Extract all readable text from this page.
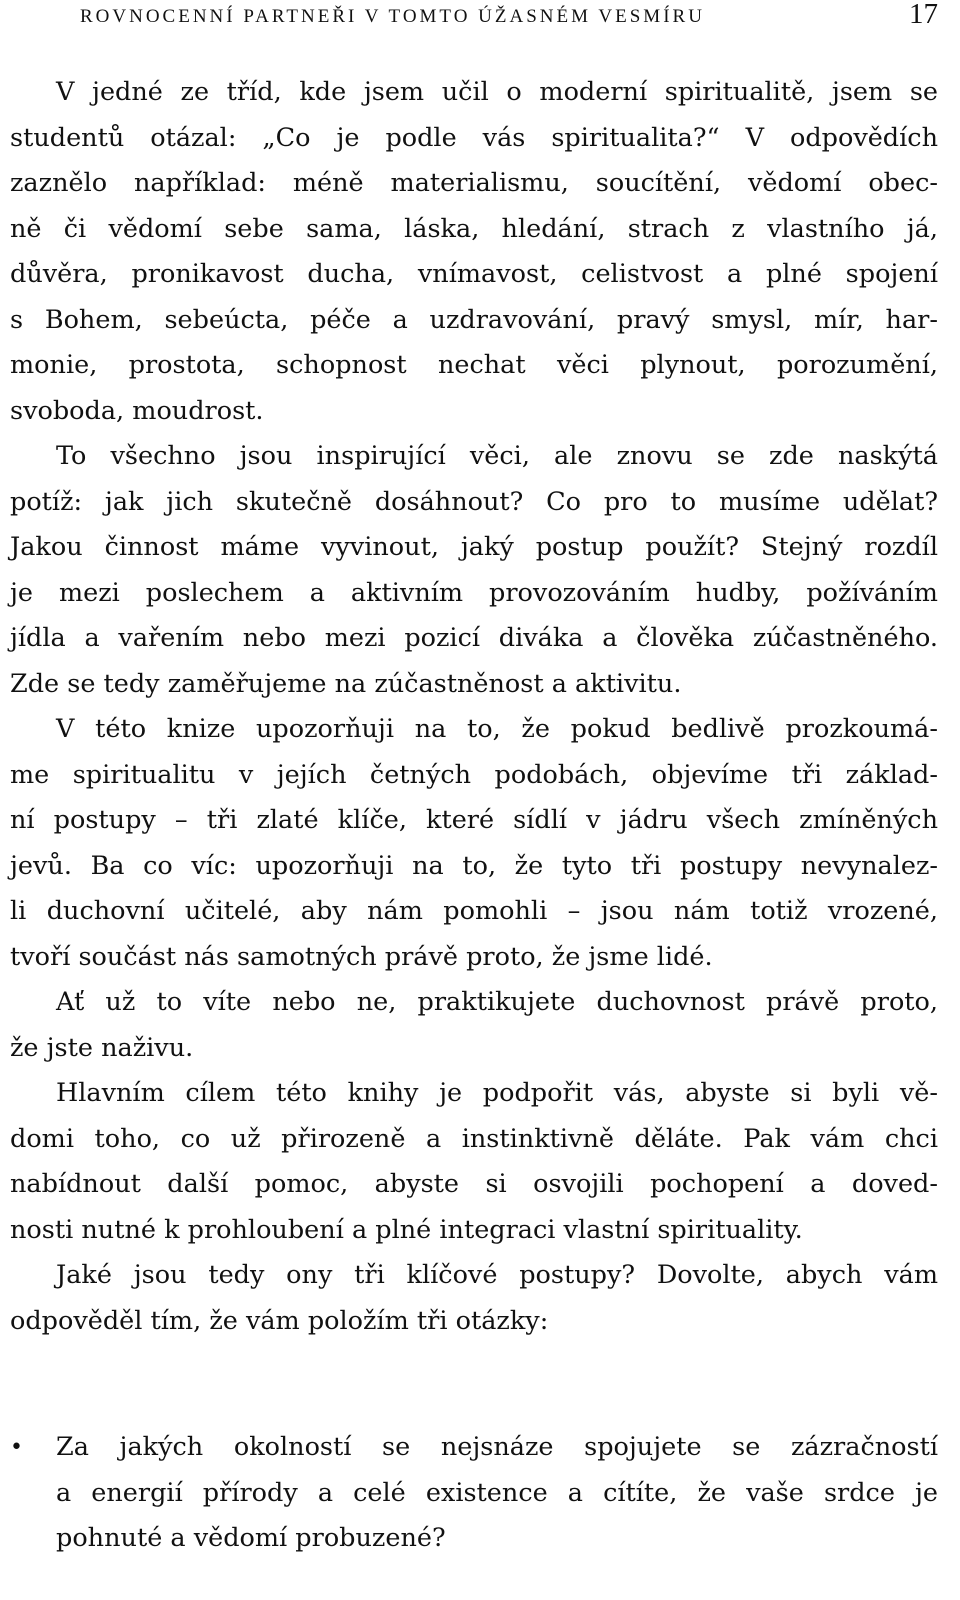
ROVNOCENNÍ PARTNEŘI V TOMTO ÚŽASNÉM VESMÍRU	17

V jedné ze tříd, kde jsem učil o moderní spiritualitě, jsem se
studentů otázal: „Co je podle vás spiritualita?“ V odpovědích
zaznělo například: méně materialismu, soucítění, vědomí obec-
ně či vědomí sebe sama, láska, hledání, strach z vlastního já,
důvěra, pronikavost ducha, vnímavost, celistvost a plné spojení
s Bohem, sebeúcta, péče a uzdravování, pravý smysl, mír, har-
monie, prostota, schopnost nechat věci plynout, porozumění,
svoboda, moudrost.

To všechno jsou inspirující věci, ale znovu se zde naskýtá
potíž: jak jich skutečně dosáhnout? Co pro to musíme udělat?
Jakou činnost máme vyvinout, jaký postup použít? Stejný rozdíl
je mezi poslechem a aktivním provozováním hudby, požíváním
jídla a vařením nebo mezi pozicí diváka a člověka zúčastněného.
Zde se tedy zaměřujeme na zúčastněnost a aktivitu.

V této knize upozorňuji na to, že pokud bedlivě prozkoumá-
me spiritualitu v jejích četných podobách, objevíme tři základ-
ní postupy – tři zlaté klíče, které sídlí v jádru všech zmíněných
jevů. Ba co víc: upozorňuji na to, že tyto tři postupy nevynalez-
li duchovní učitelé, aby nám pomohli – jsou nám totiž vrozené,
tvoří součást nás samotných právě proto, že jsme lidé.

Ať už to víte nebo ne, praktikujete duchovnost právě proto,
že jste naživu.

Hlavním cílem této knihy je podpořit vás, abyste si byli vě-
domi toho, co už přirozeně a instinktivně děláte. Pak vám chci
nabídnout další pomoc, abyste si osvojili pochopení a doved-
nosti nutné k prohloubení a plné integraci vlastní spirituality.

Jaké jsou tedy ony tři klíčové postupy? Dovolte, abych vám
odpověděl tím, že vám položím tři otázky:

• Za jakých okolností se nejsnáze spojujete se zázračností
a energií přírody a celé existence a cítíte, že vaše srdce je
pohnuté a vědomí probuzené?
